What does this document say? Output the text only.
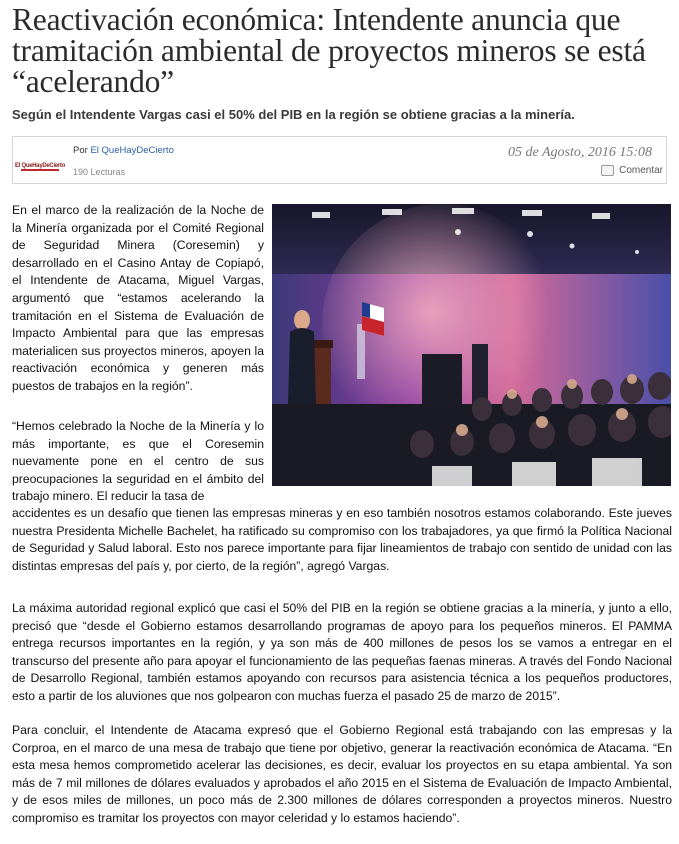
Reactivación económica: Intendente anuncia que tramitación ambiental de proyectos mineros se está “acelerando”

Según el Intendente Vargas casi el 50% del PIB en la región se obtiene gracias a la minería.

El QueHayDeCierto
Por El QueHayDeCierto
190 Lecturas
05 de Agosto, 2016 15:08
Comentar

En el marco de la realización de la Noche de la Minería organizada por el Comité Regional de Seguridad Minera (Coresemin) y desarrollado en el Casino Antay de Copiapó, el Intendente de Atacama, Miguel Vargas, argumentó que “estamos acelerando la tramitación en el Sistema de Evaluación de Impacto Ambiental para que las empresas materialicen sus proyectos mineros, apoyen la reactivación económica y generen más puestos de trabajos en la región”.

“Hemos celebrado la Noche de la Minería y lo más importante, es que el Coresemin nuevamente pone en el centro de sus preocupaciones la seguridad en el ámbito del trabajo minero. El reducir la tasa de

accidentes es un desafío que tienen las empresas mineras y en eso también nosotros estamos colaborando. Este jueves nuestra Presidenta Michelle Bachelet, ha ratificado su compromiso con los trabajadores, ya que firmó la Política Nacional de Seguridad y Salud laboral. Esto nos parece importante para fijar lineamientos de trabajo con sentido de unidad con las distintas empresas del país y, por cierto, de la región”, agregó Vargas.

La máxima autoridad regional explicó que casi el 50% del PIB en la región se obtiene gracias a la minería, y junto a ello, precisó que “desde el Gobierno estamos desarrollando programas de apoyo para los pequeños mineros. El PAMMA entrega recursos importantes en la región, y ya son más de 400 millones de pesos los se vamos a entregar en el transcurso del presente año para apoyar el funcionamiento de las pequeñas faenas mineras. A través del Fondo Nacional de Desarrollo Regional, también estamos apoyando con recursos para asistencia técnica a los pequeños productores, esto a partir de los aluviones que nos golpearon con muchas fuerza el pasado 25 de marzo de 2015”.

Para concluir, el Intendente de Atacama expresó que el Gobierno Regional está trabajando con las empresas y la Corproa, en el marco de una mesa de trabajo que tiene por objetivo, generar la reactivación económica de Atacama. “En esta mesa hemos comprometido acelerar las decisiones, es decir, evaluar los proyectos en su etapa ambiental. Ya son más de 7 mil millones de dólares evaluados y aprobados el año 2015 en el Sistema de Evaluación de Impacto Ambiental, y de esos miles de millones, un poco más de 2.300 millones de dólares corresponden a proyectos mineros. Nuestro compromiso es tramitar los proyectos con mayor celeridad y lo estamos haciendo”.
